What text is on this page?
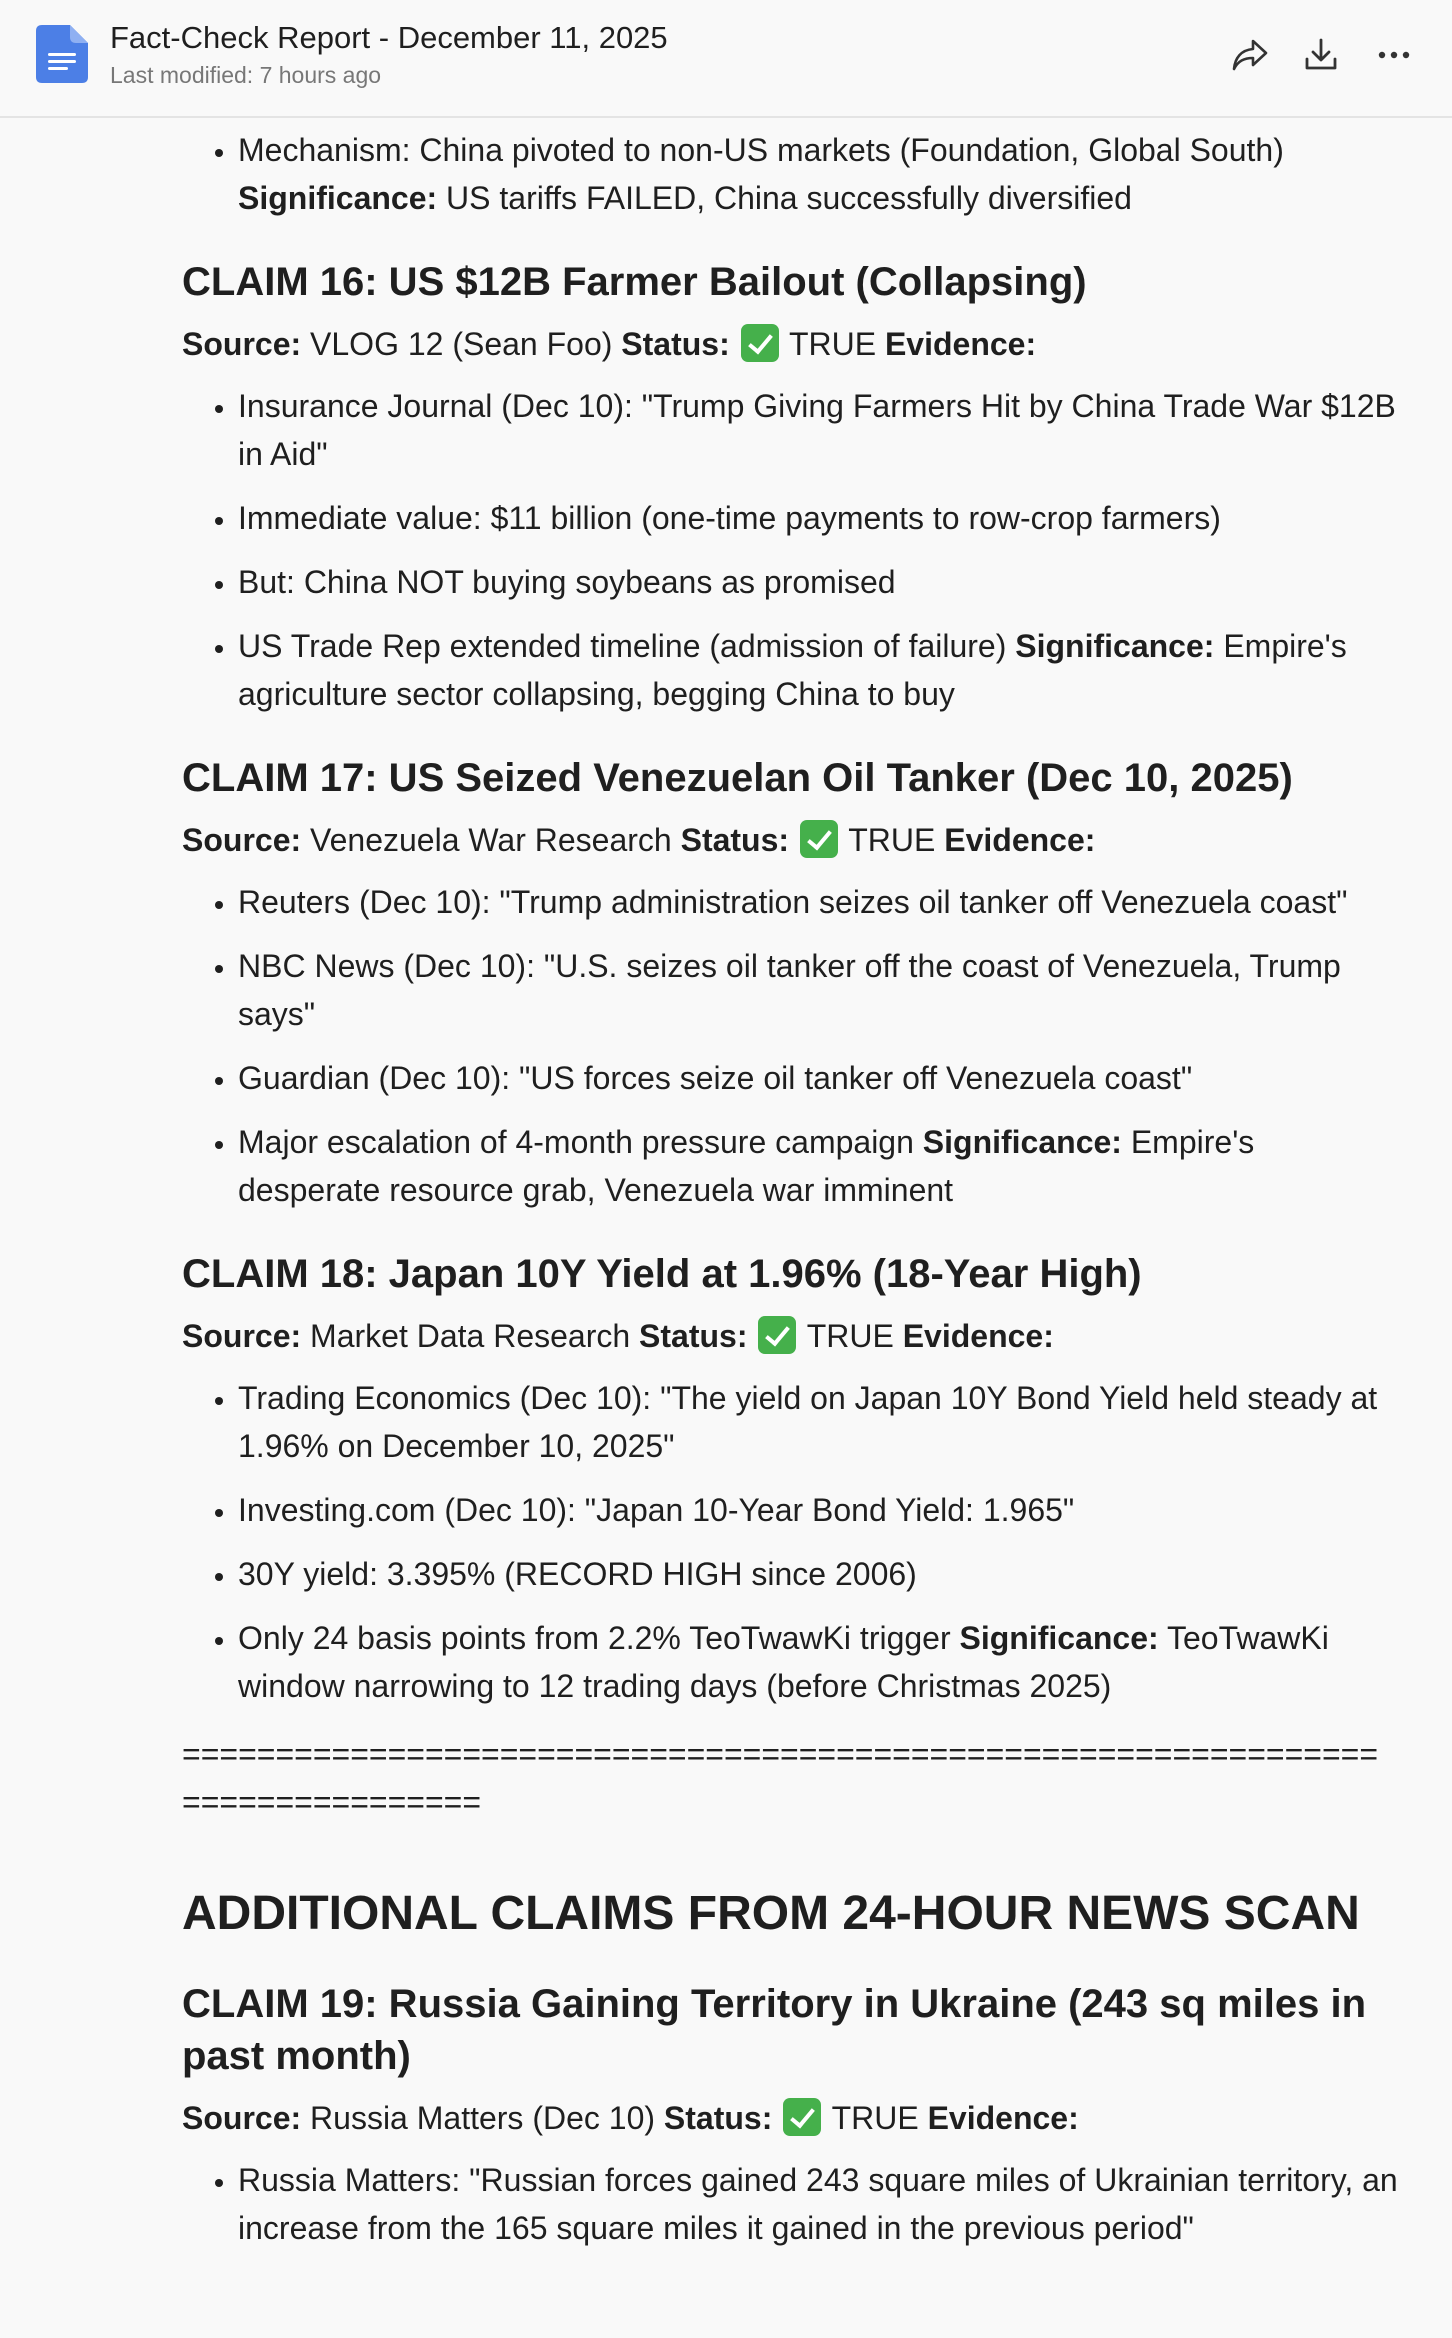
Fact-Check Report - December 11, 2025
Last modified: 7 hours ago
• Mechanism: China pivoted to non-US markets (Foundation, Global South)
Significance: US tariffs FAILED, China successfully diversified
CLAIM 16: US $12B Farmer Bailout (Collapsing)

Source: VLOG 12 (Sean Foo) Status: TRUE Evidence:

• Insurance Journal (Dec 10): "Trump Giving Farmers Hit by China Trade War $12B in Aid"
• Immediate value: $11 billion (one-time payments to row-crop farmers)
• But: China NOT buying soybeans as promised
• US Trade Rep extended timeline (admission of failure) Significance: Empire's agriculture sector collapsing, begging China to buy
CLAIM 17: US Seized Venezuelan Oil Tanker (Dec 10, 2025)

Source: Venezuela War Research Status: TRUE Evidence:

• Reuters (Dec 10): "Trump administration seizes oil tanker off Venezuela coast"
• NBC News (Dec 10): "U.S. seizes oil tanker off the coast of Venezuela, Trump says"
• Guardian (Dec 10): "US forces seize oil tanker off Venezuela coast"
• Major escalation of 4-month pressure campaign Significance: Empire's desperate resource grab, Venezuela war imminent
CLAIM 18: Japan 10Y Yield at 1.96% (18-Year High)

Source: Market Data Research Status: TRUE Evidence:

• Trading Economics (Dec 10): "The yield on Japan 10Y Bond Yield held steady at 1.96% on December 10, 2025"
• Investing.com (Dec 10): "Japan 10-Year Bond Yield: 1.965"
• 30Y yield: 3.395% (RECORD HIGH since 2006)
• Only 24 basis points from 2.2% TeoTwawKi trigger Significance: TeoTwawKi window narrowing to 12 trading days (before Christmas 2025)
================================================================================
ADDITIONAL CLAIMS FROM 24-HOUR NEWS SCAN
CLAIM 19: Russia Gaining Territory in Ukraine (243 sq miles in past month)

Source: Russia Matters (Dec 10) Status: TRUE Evidence:

• Russia Matters: "Russian forces gained 243 square miles of Ukrainian territory, an increase from the 165 square miles it gained in the previous period"
